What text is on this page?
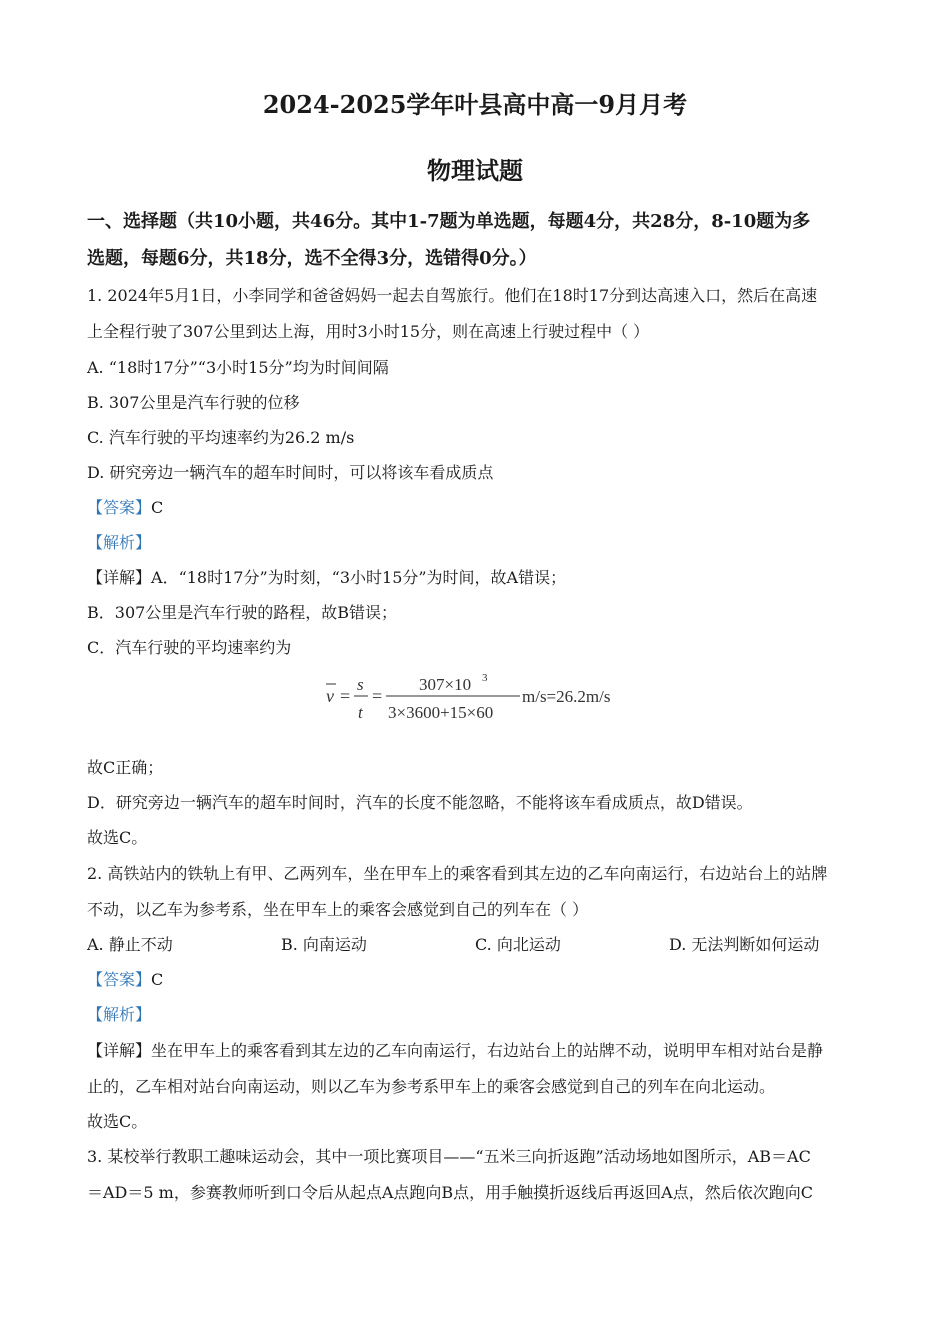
2024-2025学年叶县高中高一9月月考
物理试题
一、选择题（共10小题，共46分。其中1-7题为单选题，每题4分，共28分，8-10题为多
选题，每题6分，共18分，选不全得3分，选错得0分。）
1. 2024年5月1日，小李同学和爸爸妈妈一起去自驾旅行。他们在18时17分到达高速入口，然后在高速
上全程行驶了307公里到达上海，用时3小时15分，则在高速上行驶过程中（ ）
A. “18时17分”“3小时15分”均为时间间隔
B. 307公里是汽车行驶的位移
C. 汽车行驶的平均速率约为26.2 m/s
D. 研究旁边一辆汽车的超车时间时，可以将该车看成质点
【答案】C
【解析】
【详解】A．“18时17分”为时刻，“3小时15分”为时间，故A错误；
B．307公里是汽车行驶的路程，故B错误；
C．汽车行驶的平均速率约为
v =
s
t
=
307×10 3
3×3600+15×60
m/s=26.2m/s
故C正确；
D．研究旁边一辆汽车的超车时间时，汽车的长度不能忽略，不能将该车看成质点，故D错误。
故选C。
2. 高铁站内的铁轨上有甲、乙两列车，坐在甲车上的乘客看到其左边的乙车向南运行，右边站台上的站牌
不动，以乙车为参考系，坐在甲车上的乘客会感觉到自己的列车在（ ）
A. 静止不动	B. 向南运动	C. 向北运动	D. 无法判断如何运动
【答案】C
【解析】
【详解】坐在甲车上的乘客看到其左边的乙车向南运行，右边站台上的站牌不动，说明甲车相对站台是静
止的，乙车相对站台向南运动，则以乙车为参考系甲车上的乘客会感觉到自己的列车在向北运动。
故选C。
3. 某校举行教职工趣味运动会，其中一项比赛项目——“五米三向折返跑”活动场地如图所示，AB＝AC
＝AD＝5 m，参赛教师听到口令后从起点A点跑向B点，用手触摸折返线后再返回A点，然后依次跑向C
